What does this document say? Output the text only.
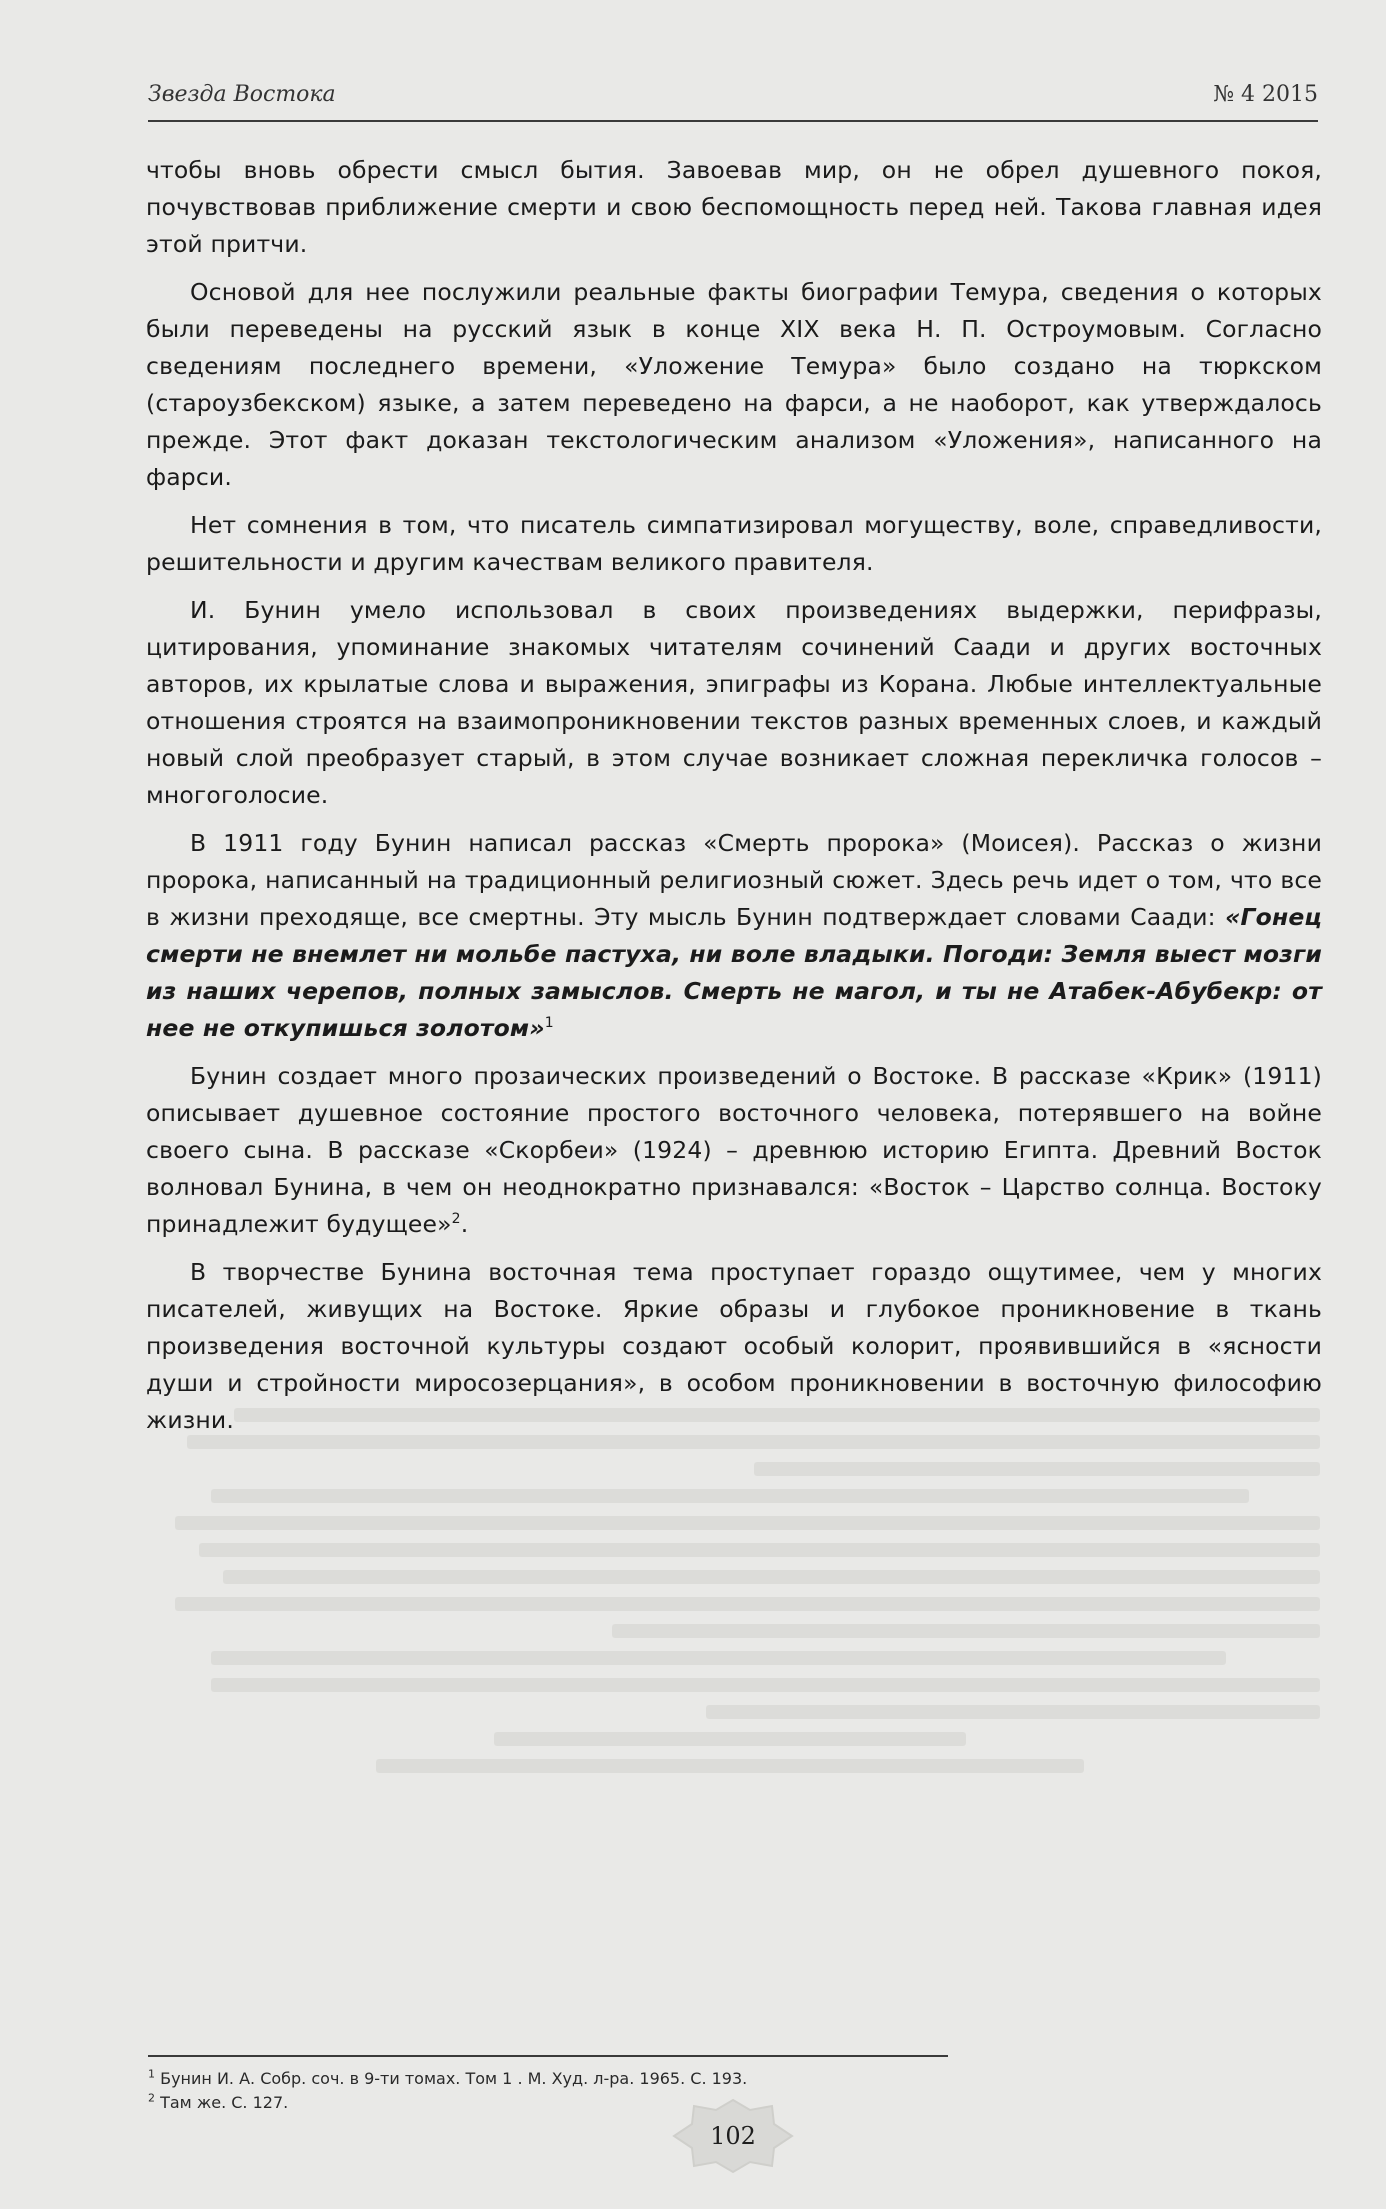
Звезда Востока	№ 4 2015

чтобы вновь обрести смысл бытия. Завоевав мир, он не обрел душевного покоя, почувствовав приближение смерти и свою беспомощность перед ней. Такова главная идея этой притчи.

Основой для нее послужили реальные факты биографии Темура, сведения о которых были переведены на русский язык в конце XIX века Н. П. Остроумовым. Согласно сведениям последнего времени, «Уложение Темура» было создано на тюркском (староузбекском) языке, а затем переведено на фарси, а не наоборот, как утверждалось прежде. Этот факт доказан текстологическим анализом «Уложения», написанного на фарси.

Нет сомнения в том, что писатель симпатизировал могуществу, воле, справедливости, решительности и другим качествам великого правителя.

И. Бунин умело использовал в своих произведениях выдержки, перифразы, цитирования, упоминание знакомых читателям сочинений Саади и других восточных авторов, их крылатые слова и выражения, эпиграфы из Корана. Любые интеллектуальные отношения строятся на взаимопроникновении текстов разных временных слоев, и каждый новый слой преобразует старый, в этом случае возникает сложная перекличка голосов – многоголосие.

В 1911 году Бунин написал рассказ «Смерть пророка» (Моисея). Рассказ о жизни пророка, написанный на традиционный религиозный сюжет. Здесь речь идет о том, что все в жизни преходяще, все смертны. Эту мысль Бунин подтверждает словами Саади: «Гонец смерти не внемлет ни мольбе пастуха, ни воле владыки. Погоди: Земля выест мозги из наших черепов, полных замыслов. Смерть не магол, и ты не Атабек-Абубекр: от нее не откупишься золотом»$^1$

Бунин создает много прозаических произведений о Востоке. В рассказе «Крик» (1911) описывает душевное состояние простого восточного человека, потерявшего на войне своего сына. В рассказе «Скорбеи» (1924) – древнюю историю Египта. Древний Восток волновал Бунина, в чем он неоднократно признавался: «Восток – Царство солнца. Востоку принадлежит будущее»$^2$.

В творчестве Бунина восточная тема проступает гораздо ощутимее, чем у многих писателей, живущих на Востоке. Яркие образы и глубокое проникновение в ткань произведения восточной культуры создают особый колорит, проявившийся в «ясности души и стройности миросозерцания», в особом проникновении в восточную философию жизни.

$^1$ Бунин И. А. Собр. соч. в 9-ти томах. Том 1 . М. Худ. л-ра. 1965. С. 193.

$^2$ Там же. С. 127.

102
